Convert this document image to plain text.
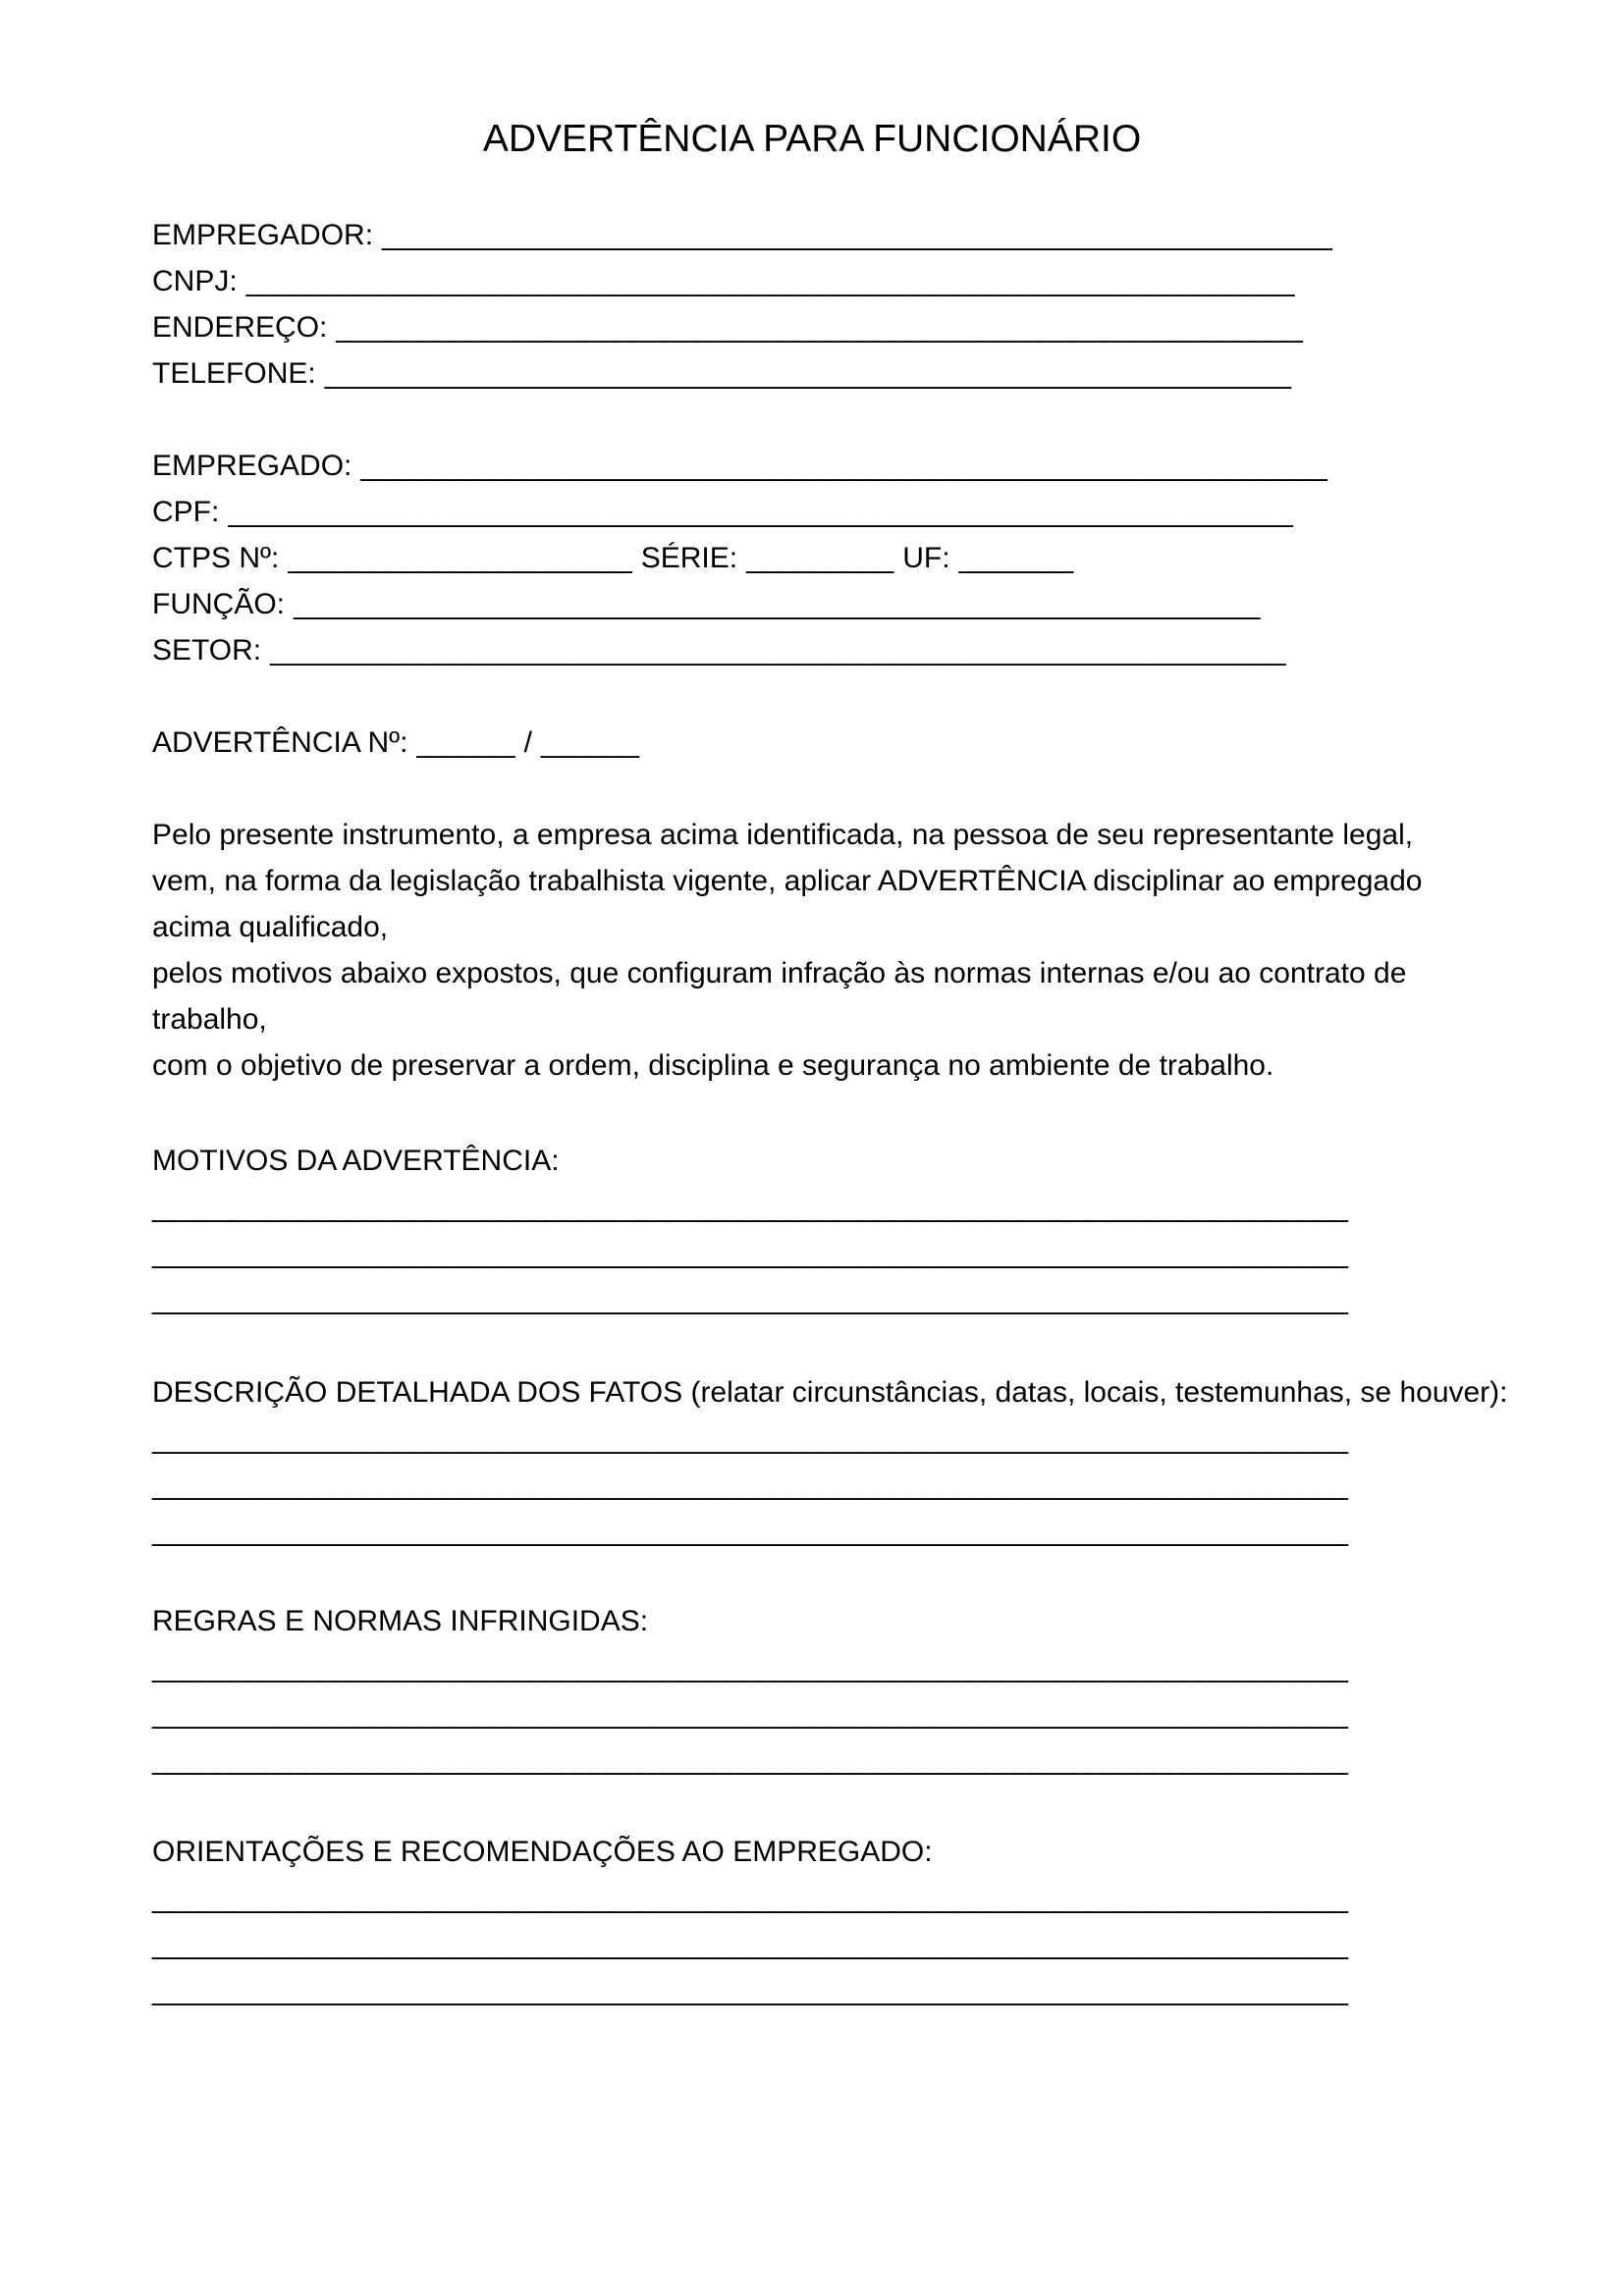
ADVERTÊNCIA PARA FUNCIONÁRIO
EMPREGADOR: __________________________________________________________
CNPJ: ________________________________________________________________
ENDEREÇO: ___________________________________________________________
TELEFONE: ___________________________________________________________
EMPREGADO: ___________________________________________________________
CPF: _________________________________________________________________
CTPS Nº: _____________________ SÉRIE: _________ UF: _______
FUNÇÃO: ___________________________________________________________
SETOR: ______________________________________________________________
ADVERTÊNCIA Nº: ______ / ______
Pelo presente instrumento, a empresa acima identificada, na pessoa de seu representante legal,
vem, na forma da legislação trabalhista vigente, aplicar ADVERTÊNCIA disciplinar ao empregado
acima qualificado,
pelos motivos abaixo expostos, que configuram infração às normas internas e/ou ao contrato de
trabalho,
com o objetivo de preservar a ordem, disciplina e segurança no ambiente de trabalho.
MOTIVOS DA ADVERTÊNCIA:
_________________________________________________________________________
_________________________________________________________________________
_________________________________________________________________________
DESCRIÇÃO DETALHADA DOS FATOS (relatar circunstâncias, datas, locais, testemunhas, se houver):
_________________________________________________________________________
_________________________________________________________________________
_________________________________________________________________________
REGRAS E NORMAS INFRINGIDAS:
_________________________________________________________________________
_________________________________________________________________________
_________________________________________________________________________
ORIENTAÇÕES E RECOMENDAÇÕES AO EMPREGADO:
_________________________________________________________________________
_________________________________________________________________________
_________________________________________________________________________
